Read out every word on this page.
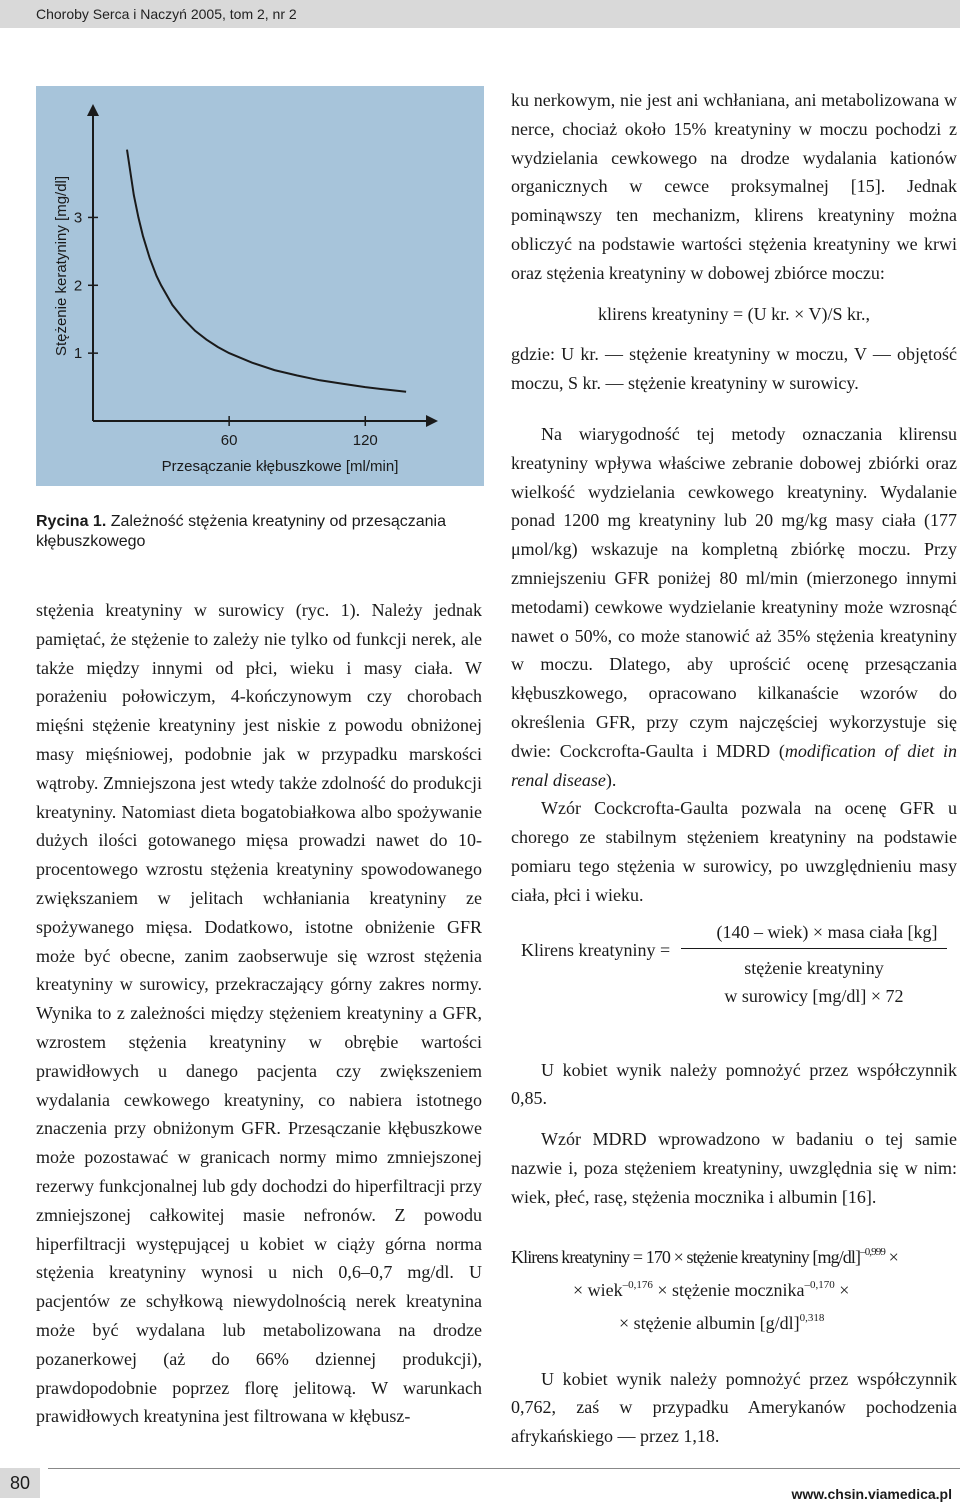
Choroby Serca i Naczyń 2005, tom 2, nr 2
60	120
1
2
3
Przesączanie kłębuszkowe [ml/min]
Stężenie keratyniny [mg/dl]
Rycina 1. Zależność stężenia kreatyniny od przesączania kłębuszkowego

stężenia kreatyniny w surowicy (ryc. 1). Należy jednak pamiętać, że stężenie to zależy nie tylko od funkcji nerek, ale także między innymi od płci, wieku i masy ciała. W porażeniu połowiczym, 4-kończynowym czy chorobach mięśni stężenie kreatyniny jest niskie z powodu obniżonej masy mięśniowej, podobnie jak w przypadku marskości wątroby. Zmniejszona jest wtedy także zdolność do produkcji kreatyniny. Natomiast dieta bogatobiałkowa albo spożywanie dużych ilości gotowanego mięsa prowadzi nawet do 10-procentowego wzrostu stężenia kreatyniny spowodowanego zwiększaniem w jelitach wchłaniania kreatyniny ze spożywanego mięsa. Dodatkowo, istotne obniżenie GFR może być obecne, zanim zaobserwuje się wzrost stężenia kreatyniny w surowicy, przekraczający górny zakres normy. Wynika to z zależności między stężeniem kreatyniny a GFR, wzrostem stężenia kreatyniny w obrębie wartości prawidłowych u danego pacjenta czy zwiększeniem wydalania cewkowego kreatyniny, co nabiera istotnego znaczenia przy obniżonym GFR. Przesączanie kłębuszkowe może pozostawać w granicach normy mimo zmniejszonej rezerwy funkcjonalnej lub gdy dochodzi do hiperfiltracji przy zmniejszonej całkowitej masie nefronów. Z powodu hiperfiltracji występującej u kobiet w ciąży górna norma stężenia kreatyniny wynosi u nich 0,6–0,7 mg/dl. U pacjentów ze schyłkową niewydolnością nerek kreatynina może być wydalana lub metabolizowana na drodze pozanerkowej (aż do 66% dziennej produkcji), prawdopodobnie poprzez florę jelitową. W warunkach prawidłowych kreatynina jest filtrowana w kłębusz-

ku nerkowym, nie jest ani wchłaniana, ani metabolizowana w nerce, chociaż około 15% kreatyniny w moczu pochodzi z wydzielania cewkowego na drodze wydalania kationów organicznych w cewce proksymalnej [15]. Jednak pominąwszy ten mechanizm, klirens kreatyniny można obliczyć na podstawie wartości stężenia kreatyniny we krwi oraz stężenia kreatyniny w dobowej zbiórce moczu:

klirens kreatyniny = (U kr. × V)/S kr.,

gdzie: U kr. — stężenie kreatyniny w moczu, V — objętość moczu, S kr. — stężenie kreatyniny w surowicy.

Na wiarygodność tej metody oznaczania klirensu kreatyniny wpływa właściwe zebranie dobowej zbiórki oraz wielkość wydzielania cewkowego kreatyniny. Wydalanie ponad 1200 mg kreatyniny lub 20 mg/kg masy ciała (177 μmol/kg) wskazuje na kompletną zbiórkę moczu. Przy zmniejszeniu GFR poniżej 80 ml/min (mierzonego innymi metodami) cewkowe wydzielanie kreatyniny może wzrosnąć nawet o 50%, co może stanowić aż 35% stężenia kreatyniny w moczu. Dlatego, aby uprościć ocenę przesączania kłębuszkowego, opracowano kilkanaście wzorów do określenia GFR, przy czym najczęściej wykorzystuje się dwie: Cockcrofta-Gaulta i MDRD (modification of diet in renal disease).

Wzór Cockcrofta-Gaulta pozwala na ocenę GFR u chorego ze stabilnym stężeniem kreatyniny na podstawie pomiaru tego stężenia w surowicy, po uwzględnieniu masy ciała, płci i wieku.

Klirens kreatyniny =
(140 – wiek) × masa ciała [kg]
stężenie kreatyniny
w surowicy [mg/dl] × 72

U kobiet wynik należy pomnożyć przez współczynnik 0,85.

Wzór MDRD wprowadzono w badaniu o tej samie nazwie i, poza stężeniem kreatyniny, uwzględnia się w nim: wiek, płeć, rasę, stężenia mocznika i albumin [16].

Klirens kreatyniny = 170 × stężenie kreatyniny $[mg/dl]^{-0,999}$ ×
× wiek$^{-0,176}$ × stężenie mocznika$^{-0,170}$ ×
× stężenie albumin $[g/dl]^{0,318}$

U kobiet wynik należy pomnożyć przez współczynnik 0,762, zaś w przypadku Amerykanów pochodzenia afrykańskiego — przez 1,18.

80
www.chsin.viamedica.pl
